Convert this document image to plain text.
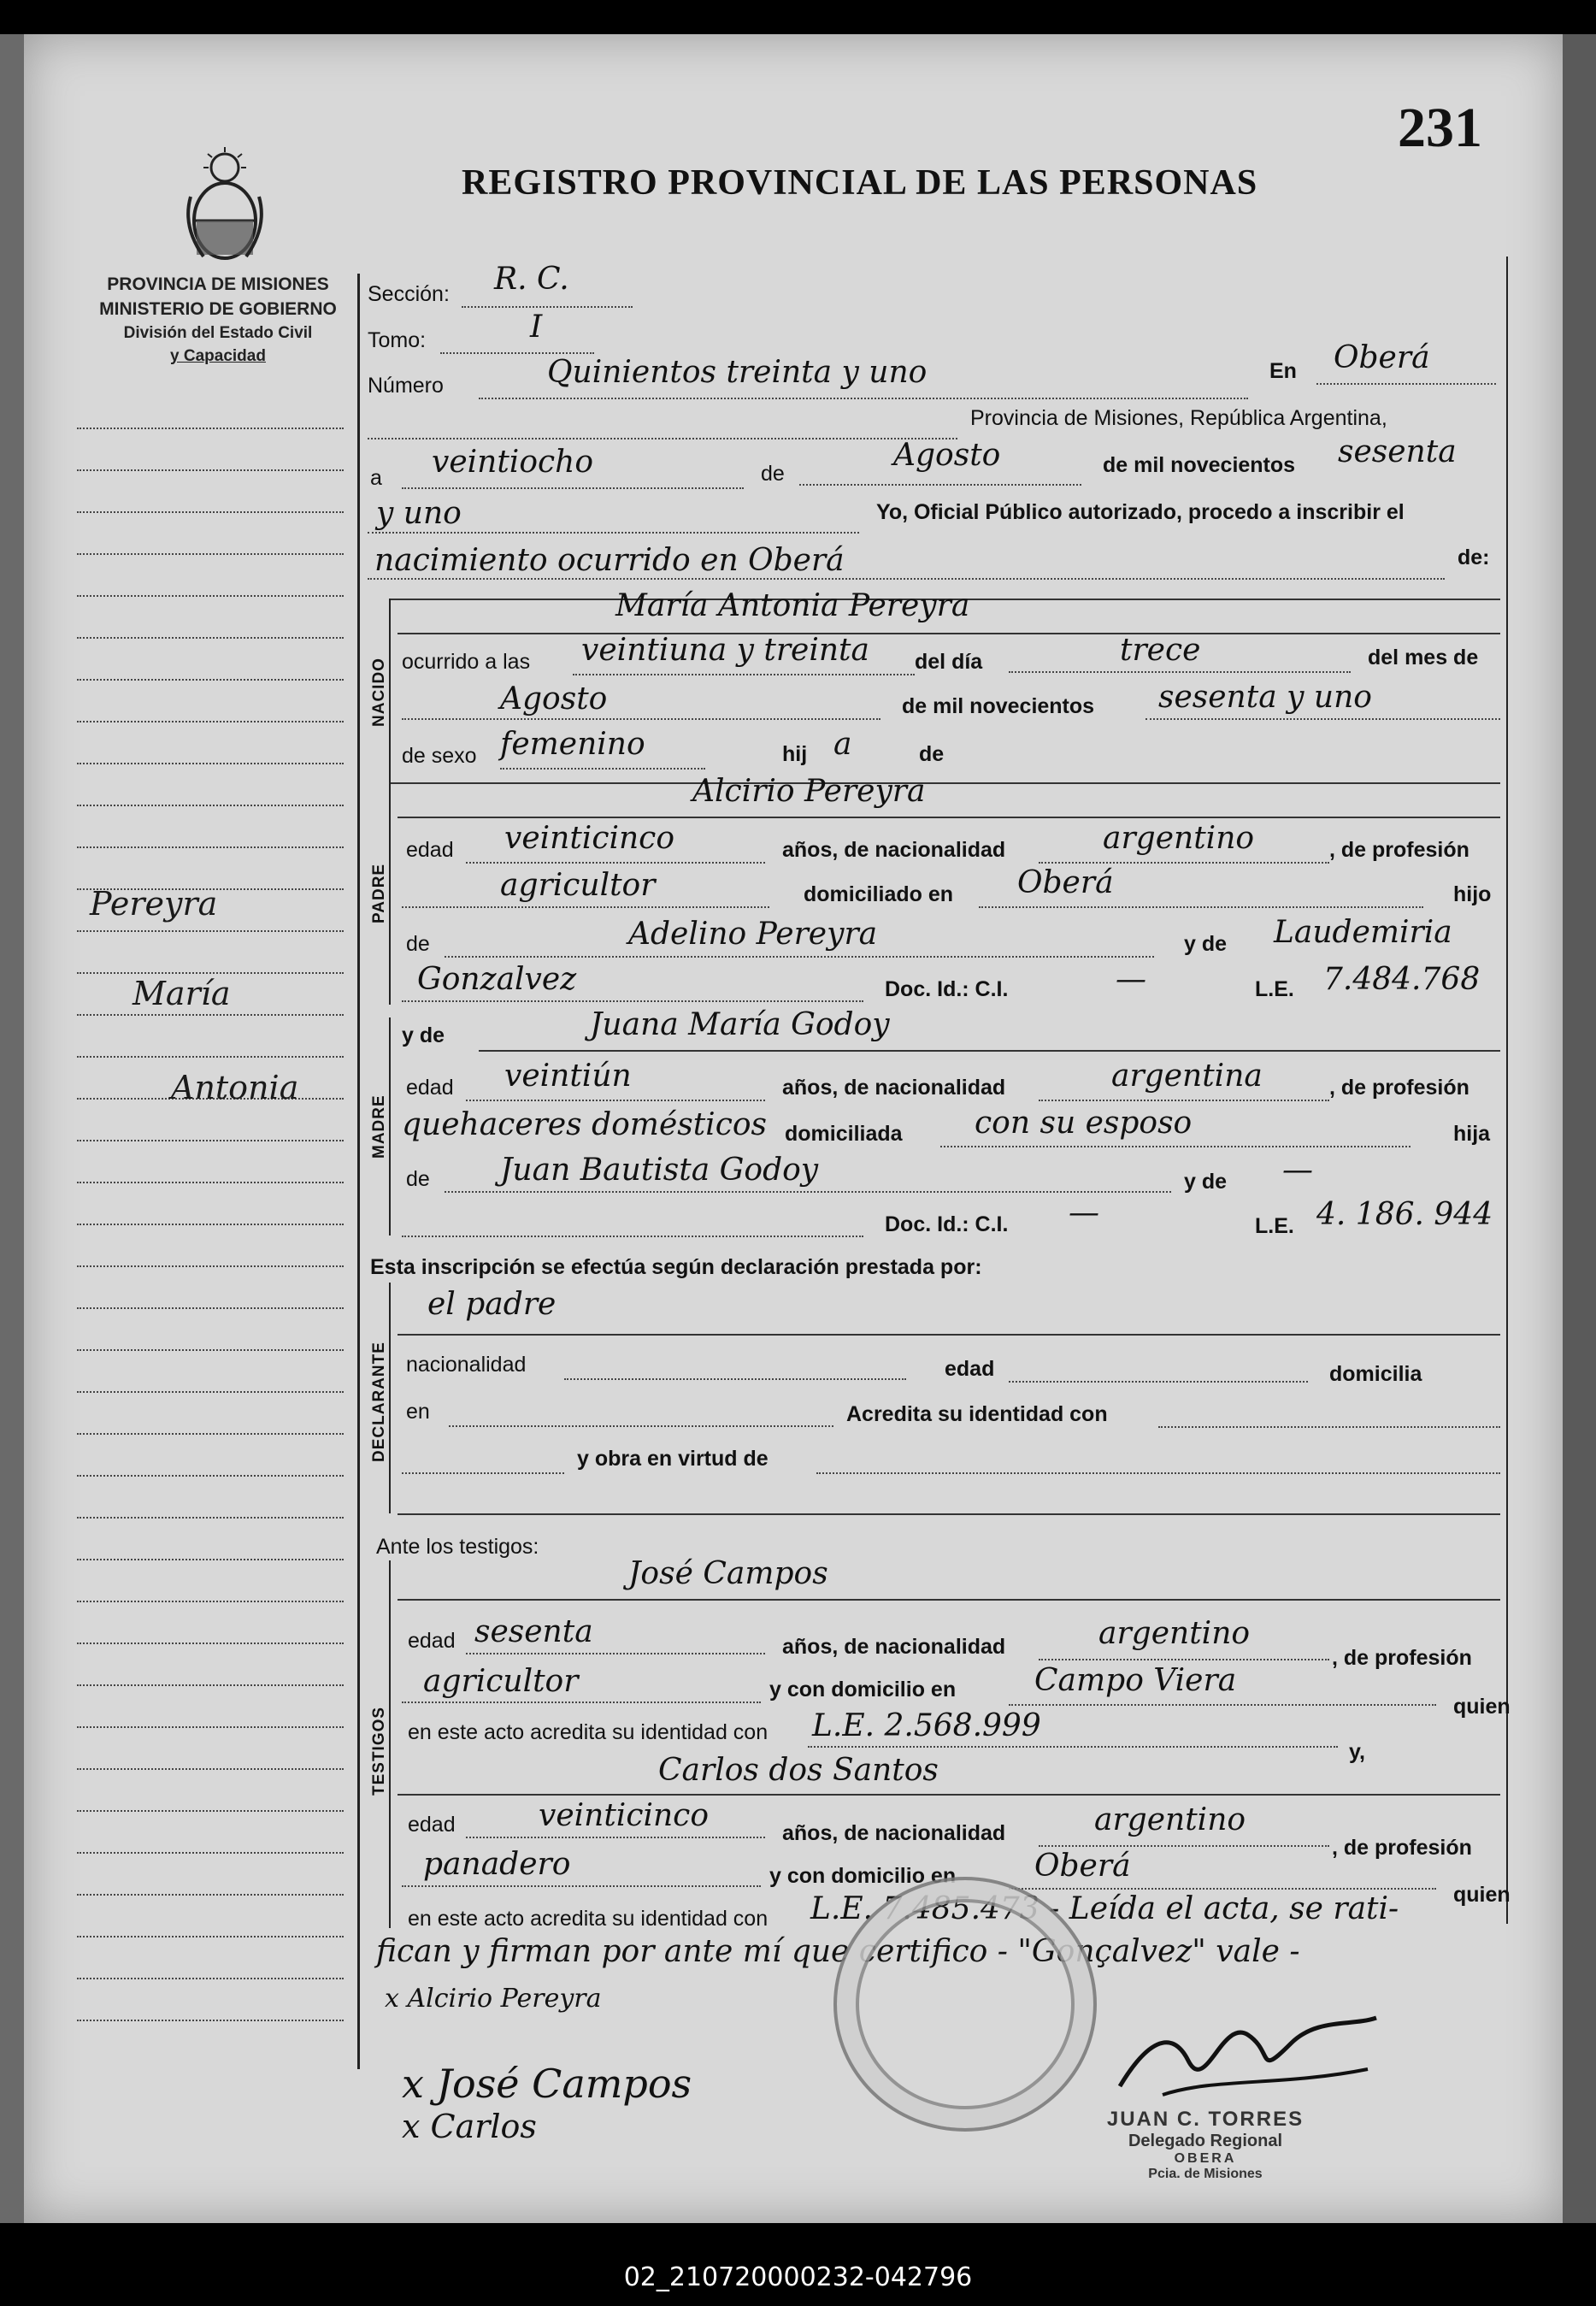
231
REGISTRO PROVINCIAL DE LAS PERSONAS
PROVINCIA DE MISIONES
MINISTERIO DE GOBIERNO
División del Estado Civil
y Capacidad
Pereyra
María
Antonia
Sección: R. C.
Tomo:	I
Número	Quinientos treinta y uno	En Oberá
Provincia de Misiones, República Argentina,
a veintiocho	de
Agosto	de mil novecientos sesenta
y uno	Yo, Oficial Público autorizado, procedo a inscribir el
nacimiento ocurrido en Oberá	de:
NACIDO
María Antonia Pereyra
ocurrido a las veintiuna y treinta del día	trece	del mes de
Agosto	de mil novecientos sesenta y uno
de sexo femenino	hij a	de
PADRE
Alcirio Pereyra
edad veinticinco	años, de nacionalidad	argentino	, de profesión
agricultor	domiciliado en Oberá	hijo
de	Adelino Pereyra	y de Laudemiria
Gonzalvez	Doc. Id.: C.I.	—	L.E. 7.484.768
MADRE
y de	Juana María Godoy
edad veintiún	años, de nacionalidad	argentina	, de profesión
quehaceres domésticos domiciliada con su esposo	hija
de Juan Bautista Godoy	y de —
Doc. Id.: C.I. —	L.E. 4. 186. 944
Esta inscripción se efectúa según declaración prestada por:
DECLARANTE
el padre
nacionalidad	edad	domicilia
en	Acredita su identidad con
y obra en virtud de
Ante los testigos:
TESTIGOS
José Campos
edad sesenta	años, de nacionalidad	argentino
, de profesión
agricultor	y con domicilio en	Campo Viera
quien
en este acto acredita su identidad con L.E. 2.568.999
y,
Carlos dos Santos
edad	veinticinco	años, de nacionalidad	argentino
, de profesión
panadero	y con domicilio en	Oberá
quien
en este acto acredita su identidad con L.E. 7.485.473 - Leída el acta, se rati-
fican y firman por ante mí que certifico - "Gonçalvez" vale -
x Alcirio Pereyra
x José Campos
x Carlos	JUAN C. TORRES
Delegado Regional
OBERA
Pcia. de Misiones
02_210720000232-042796
